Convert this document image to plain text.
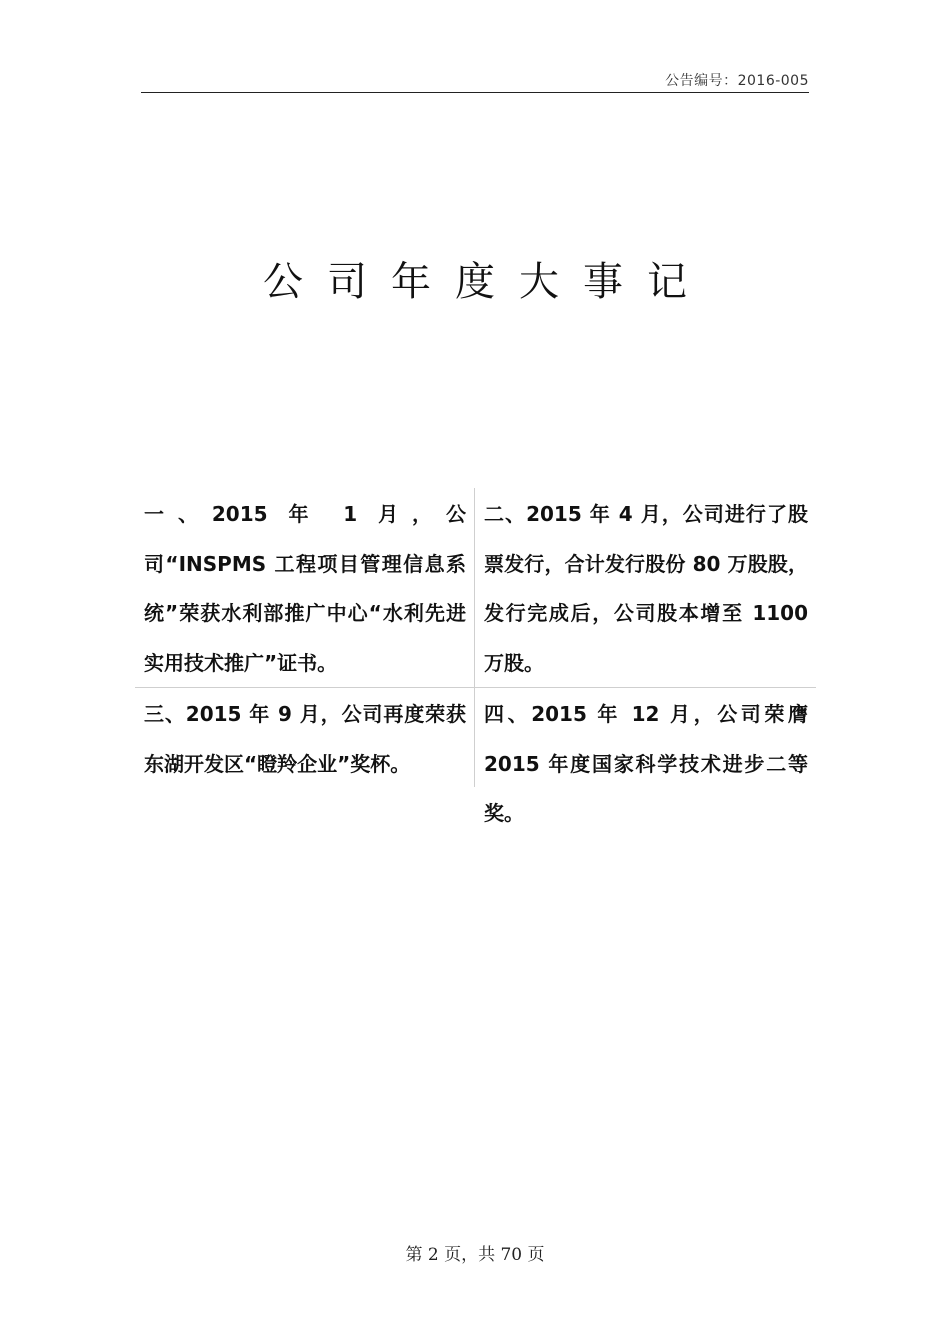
公告编号：2016-005
公司年度大事记
一、2015 年 1 月，公司“INSPMS 工程项目管理信息系统”荣获水利部推广中心“水利先进实用技术推广”证书。
二、2015 年 4 月，公司进行了股票发行，合计发行股份 80 万股股，发行完成后，公司股本增至 1100 万股。
三、2015 年 9 月，公司再度荣获东湖开发区“瞪羚企业”奖杯。
四、2015 年 12 月，公司荣膺 2015 年度国家科学技术进步二等奖。
第 2 页，共 70 页
